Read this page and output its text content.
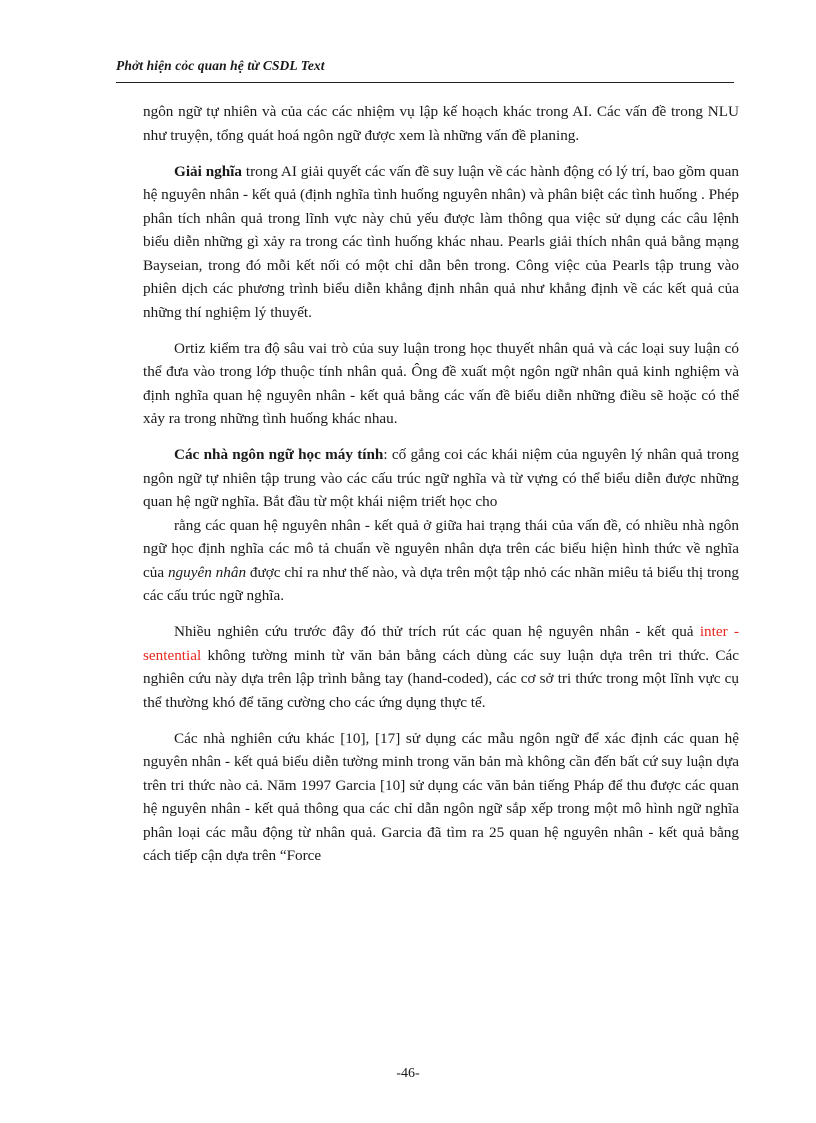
Phởt hiện cỏc quan hệ từ CSDL Text

ngôn ngữ tự nhiên và của các các nhiệm vụ lập kế hoạch khác trong AI. Các vấn đề trong NLU như truyện, tổng quát hoá ngôn ngữ được xem là những vấn đề planing.

Giải nghĩa trong AI giải quyết các vấn đề suy luận về các hành động có lý trí, bao gồm quan hệ nguyên nhân - kết quả (định nghĩa tình huống nguyên nhân) và phân biệt các tình huống . Phép phân tích nhân quả trong lĩnh vực này chủ yếu được làm thông qua việc sử dụng các câu lệnh biểu diễn những gì xảy ra trong các tình huống khác nhau. Pearls giải thích nhân quả bằng mạng Bayseian, trong đó mỗi kết nối có một chỉ dẫn bên trong. Công việc của Pearls tập trung vào phiên dịch các phương trình biểu diễn khẳng định nhân quả như khẳng định về các kết quả của những thí nghiệm lý thuyết.

Ortiz kiểm tra độ sâu vai trò của suy luận trong học thuyết nhân quả và các loại suy luận có thể đưa vào trong lớp thuộc tính nhân quả. Ông đề xuất một ngôn ngữ nhân quả kinh nghiệm và định nghĩa quan hệ nguyên nhân - kết quả bằng các vấn đề biểu diễn những điều sẽ hoặc có thể xảy ra trong những tình huống khác nhau.

Các nhà ngôn ngữ học máy tính: cố gắng coi các khái niệm của nguyên lý nhân quả trong ngôn ngữ tự nhiên tập trung vào các cấu trúc ngữ nghĩa và từ vựng có thể biểu diễn được những quan hệ ngữ nghĩa. Bắt đầu từ một khái niệm triết học cho

rằng các quan hệ nguyên nhân - kết quả ở giữa hai trạng thái của vấn đề, có nhiều nhà ngôn ngữ học định nghĩa các mô tả chuẩn về nguyên nhân dựa trên các biểu hiện hình thức về nghĩa của nguyên nhân được chỉ ra như thế nào, và dựa trên một tập nhỏ các nhãn miêu tả biểu thị trong các cấu trúc ngữ nghĩa.

Nhiều nghiên cứu trước đây đó thử trích rút các quan hệ nguyên nhân - kết quả inter - sentential không tường minh từ văn bản bằng cách dùng các suy luận dựa trên tri thức. Các nghiên cứu này dựa trên lập trình bằng tay (hand-coded), các cơ sở tri thức trong một lĩnh vực cụ thể thường khó để tăng cường cho các ứng dụng thực tế.

Các nhà nghiên cứu khác [10], [17] sử dụng các mẫu ngôn ngữ để xác định các quan hệ nguyên nhân - kết quả biểu diễn tường minh trong văn bản mà không cần đến bất cứ suy luận dựa trên tri thức nào cả. Năm 1997 Garcia [10] sử dụng các văn bản tiếng Pháp để thu được các quan hệ nguyên nhân - kết quả thông qua các chỉ dẫn ngôn ngữ sắp xếp trong một mô hình ngữ nghĩa phân loại các mẫu động từ nhân quả. Garcia đã tìm ra 25 quan hệ nguyên nhân - kết quả bằng cách tiếp cận dựa trên “Force

-46-
